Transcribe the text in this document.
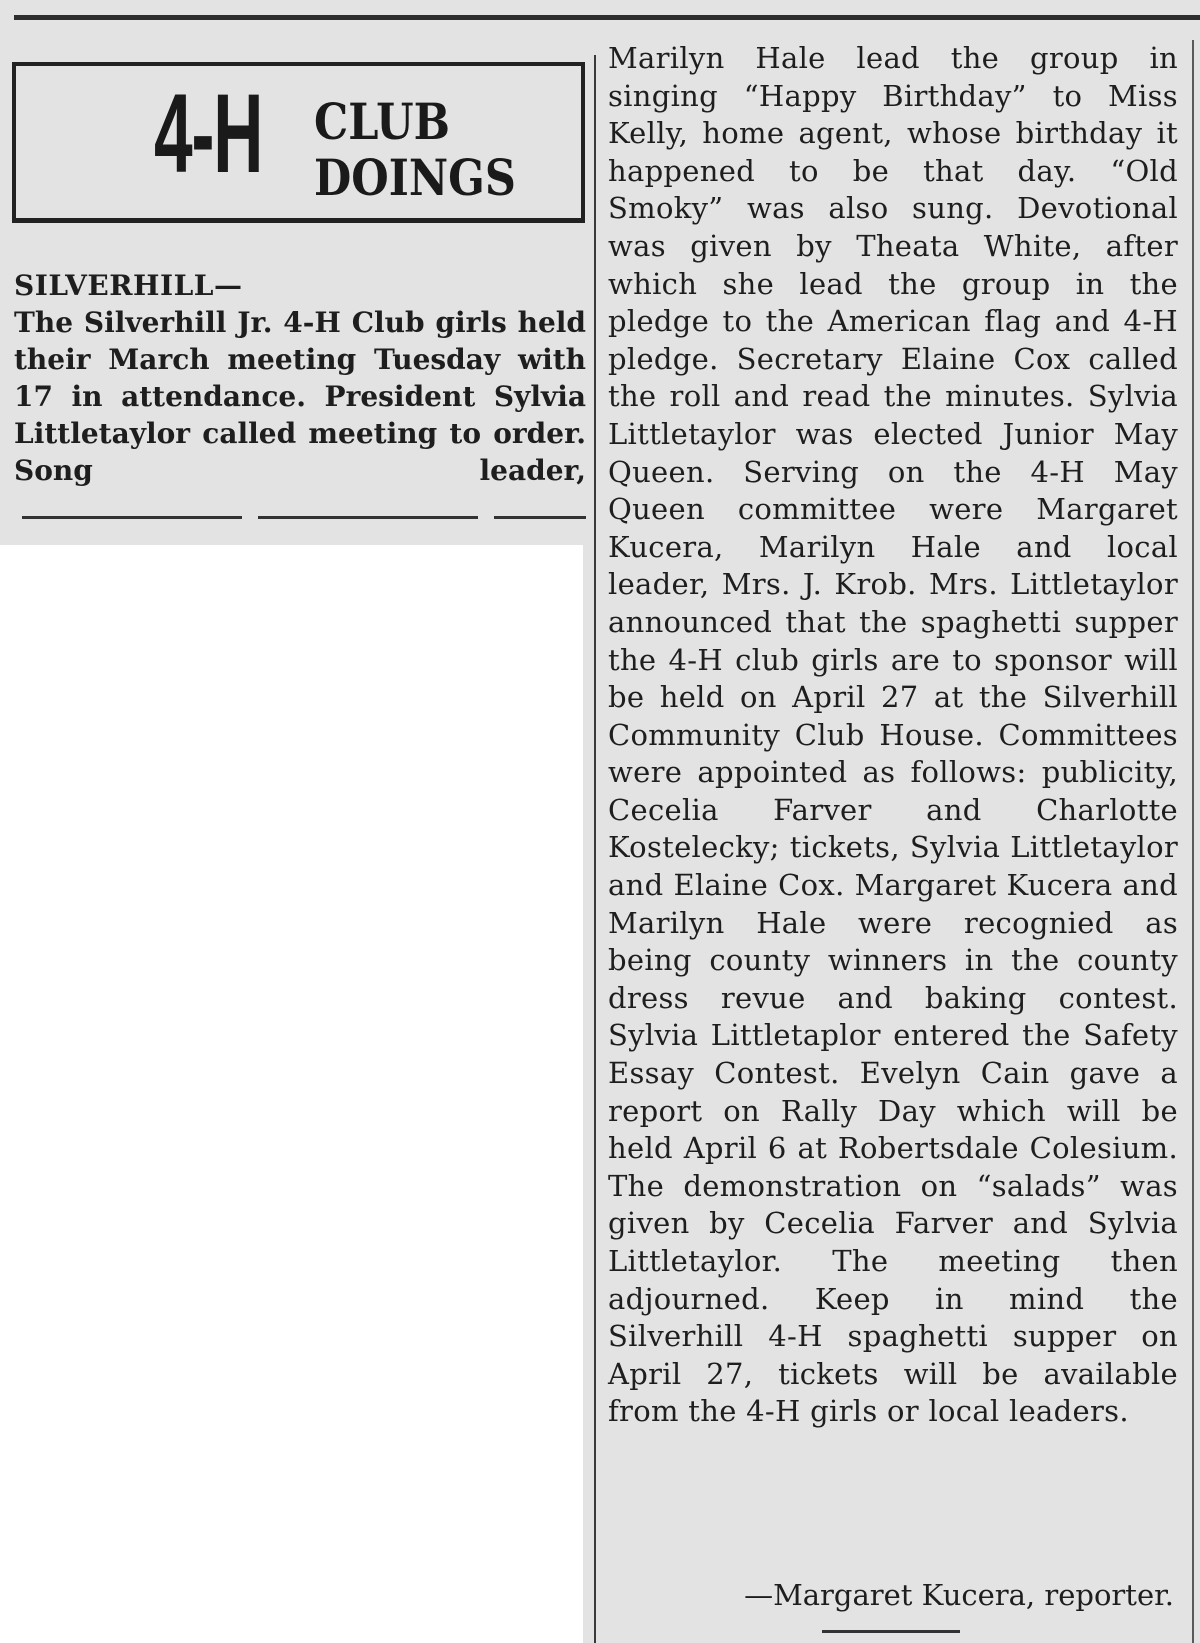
4-H CLUB
DOINGS
SILVERHILL—
The Silverhill Jr. 4-H Club girls held their March meeting Tuesday with 17 in attendance. President Sylvia Littletaylor called meeting to order. Song leader,

Marilyn Hale lead the group in singing “Happy Birthday” to Miss Kelly, home agent, whose birthday it happened to be that day. “Old Smoky” was also sung. Devotional was given by Theata White, after which she lead the group in the pledge to the American flag and 4-H pledge. Secretary Elaine Cox called the roll and read the minutes. Sylvia Littletaylor was elected Junior May Queen. Serving on the 4-H May Queen committee were Margaret Kucera, Marilyn Hale and local leader, Mrs. J. Krob. Mrs. Littletaylor announced that the spaghetti supper the 4-H club girls are to sponsor will be held on April 27 at the Silverhill Community Club House. Committees were appointed as follows: publicity, Cecelia Farver and Charlotte Kostelecky; tickets, Sylvia Littletaylor and Elaine Cox. Margaret Kucera and Marilyn Hale were recognied as being county winners in the county dress revue and baking contest. Sylvia Littletaplor entered the Safety Essay Contest. Evelyn Cain gave a report on Rally Day which will be held April 6 at Robertsdale Colesium. The demonstration on “salads” was given by Cecelia Farver and Sylvia Littletaylor. The meeting then adjourned. Keep in mind the Silverhill 4-H spaghetti supper on April 27, tickets will be available from the 4-H girls or local leaders.

—Margaret Kucera, reporter.
